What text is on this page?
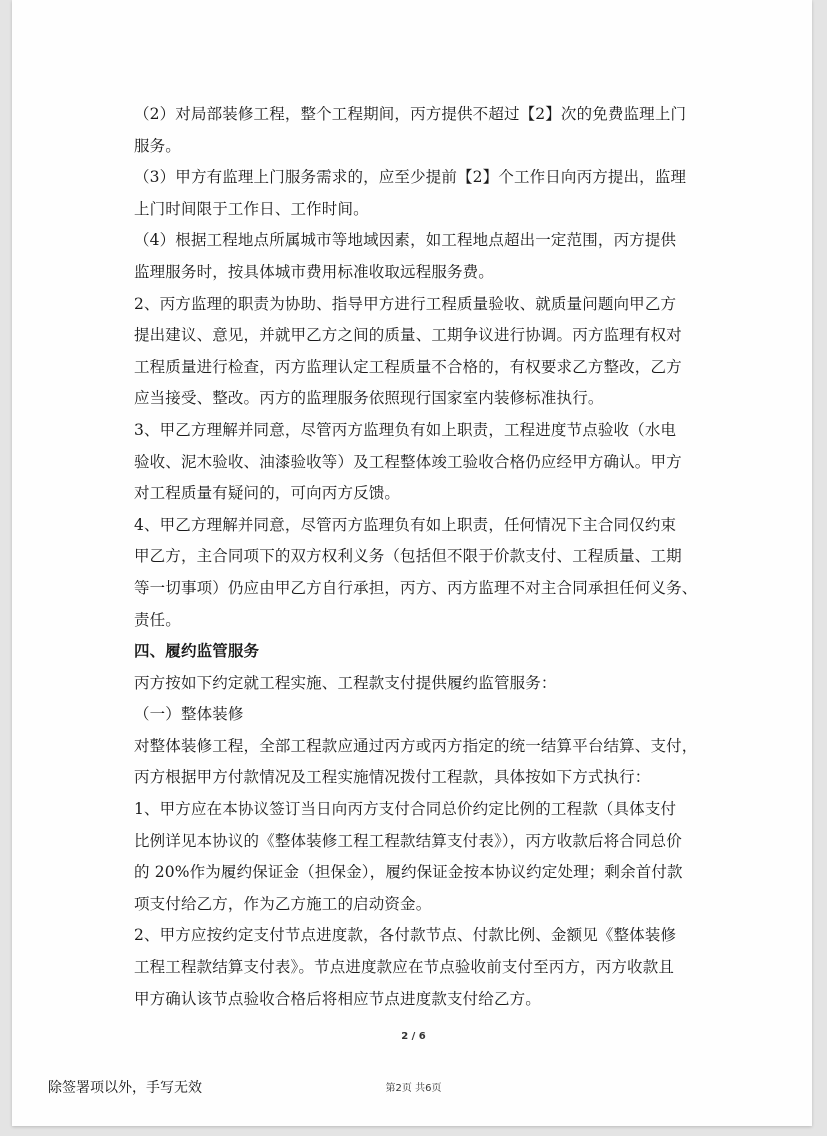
（2）对局部装修工程，整个工程期间，丙方提供不超过【2】次的免费监理上门
服务。
（3）甲方有监理上门服务需求的，应至少提前【2】个工作日向丙方提出，监理
上门时间限于工作日、工作时间。
（4）根据工程地点所属城市等地域因素，如工程地点超出一定范围，丙方提供
监理服务时，按具体城市费用标准收取远程服务费。
2、丙方监理的职责为协助、指导甲方进行工程质量验收、就质量问题向甲乙方
提出建议、意见，并就甲乙方之间的质量、工期争议进行协调。丙方监理有权对
工程质量进行检查，丙方监理认定工程质量不合格的，有权要求乙方整改，乙方
应当接受、整改。丙方的监理服务依照现行国家室内装修标准执行。
3、甲乙方理解并同意，尽管丙方监理负有如上职责，工程进度节点验收（水电
验收、泥木验收、油漆验收等）及工程整体竣工验收合格仍应经甲方确认。甲方
对工程质量有疑问的，可向丙方反馈。
4、甲乙方理解并同意，尽管丙方监理负有如上职责，任何情况下主合同仅约束
甲乙方，主合同项下的双方权利义务（包括但不限于价款支付、工程质量、工期
等一切事项）仍应由甲乙方自行承担，丙方、丙方监理不对主合同承担任何义务、
责任。
四、履约监管服务
丙方按如下约定就工程实施、工程款支付提供履约监管服务：
（一）整体装修
对整体装修工程，全部工程款应通过丙方或丙方指定的统一结算平台结算、支付，
丙方根据甲方付款情况及工程实施情况拨付工程款，具体按如下方式执行：
1、甲方应在本协议签订当日向丙方支付合同总价约定比例的工程款（具体支付
比例详见本协议的《整体装修工程工程款结算支付表》），丙方收款后将合同总价
的 20%作为履约保证金（担保金），履约保证金按本协议约定处理；剩余首付款
项支付给乙方，作为乙方施工的启动资金。
2、甲方应按约定支付节点进度款，各付款节点、付款比例、金额见《整体装修
工程工程款结算支付表》。节点进度款应在节点验收前支付至丙方，丙方收款且
甲方确认该节点验收合格后将相应节点进度款支付给乙方。
2 / 6
除签署项以外，手写无效	第2页 共6页
